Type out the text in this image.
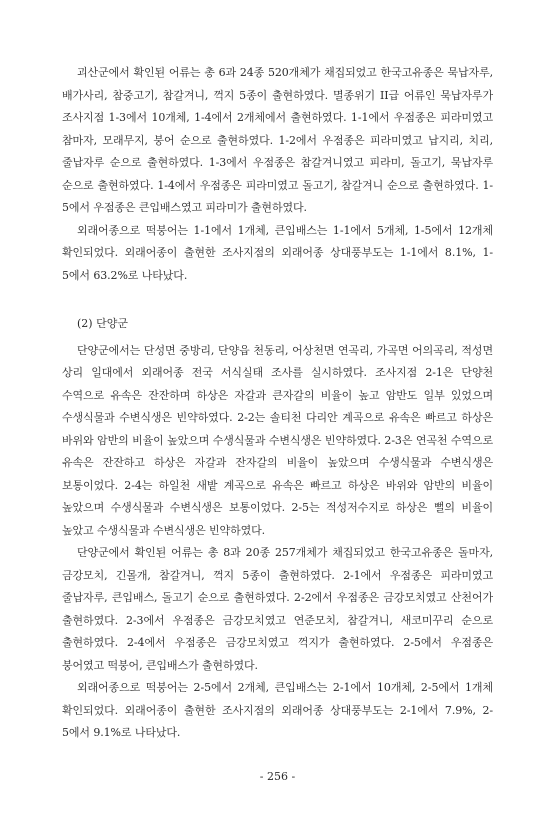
괴산군에서 확인된 어류는 총 6과 24종 520개체가 채집되었고 한국고유종은 묵납자루, 배가사리, 참중고기, 참갈겨니, 꺽지 5종이 출현하였다. 멸종위기 II급 어류인 묵납자루가 조사지점 1-3에서 10개체, 1-4에서 2개체에서 출현하였다. 1-1에서 우점종은 피라미였고 참마자, 모래무지, 붕어 순으로 출현하였다. 1-2에서 우점종은 피라미였고 납지리, 치리, 줄납자루 순으로 출현하였다. 1-3에서 우점종은 참갈겨니였고 피라미, 돌고기, 묵납자루 순으로 출현하였다. 1-4에서 우점종은 피라미였고 돌고기, 참갈겨니 순으로 출현하였다. 1-5에서 우점종은 큰입배스였고 피라미가 출현하였다.

외래어종으로 떡붕어는 1-1에서 1개체, 큰입배스는 1-1에서 5개체, 1-5에서 12개체 확인되었다. 외래어종이 출현한 조사지점의 외래어종 상대풍부도는 1-1에서 8.1%, 1-5에서 63.2%로 나타났다.

(2) 단양군

단양군에서는 단성면 중방리, 단양읍 천동리, 어상천면 연곡리, 가곡면 어의곡리, 적성면 상리 일대에서 외래어종 전국 서식실태 조사를 실시하였다. 조사지점 2-1은 단양천 수역으로 유속은 잔잔하며 하상은 자갈과 큰자갈의 비율이 높고 암반도 일부 있었으며 수생식물과 수변식생은 빈약하였다. 2-2는 솔티천 다리안 계곡으로 유속은 빠르고 하상은 바위와 암반의 비율이 높았으며 수생식물과 수변식생은 빈약하였다. 2-3은 연곡천 수역으로 유속은 잔잔하고 하상은 자갈과 잔자갈의 비율이 높았으며 수생식물과 수변식생은 보통이었다. 2-4는 하일천 새밭 계곡으로 유속은 빠르고 하상은 바위와 암반의 비율이 높았으며 수생식물과 수변식생은 보통이었다. 2-5는 적성저수지로 하상은 뻘의 비율이 높았고 수생식물과 수변식생은 빈약하였다.

단양군에서 확인된 어류는 총 8과 20종 257개체가 채집되었고 한국고유종은 돌마자, 금강모치, 긴몰개, 참갈겨니, 꺽지 5종이 출현하였다. 2-1에서 우점종은 피라미였고 줄납자루, 큰입배스, 돌고기 순으로 출현하였다. 2-2에서 우점종은 금강모치였고 산천어가 출현하였다. 2-3에서 우점종은 금강모치였고 연준모치, 참갈겨니, 새코미꾸리 순으로 출현하였다. 2-4에서 우점종은 금강모치였고 꺽지가 출현하였다. 2-5에서 우점종은 붕어였고 떡붕어, 큰입배스가 출현하였다.

외래어종으로 떡붕어는 2-5에서 2개체, 큰입배스는 2-1에서 10개체, 2-5에서 1개체 확인되었다. 외래어종이 출현한 조사지점의 외래어종 상대풍부도는 2-1에서 7.9%, 2-5에서 9.1%로 나타났다.

- 256 -
